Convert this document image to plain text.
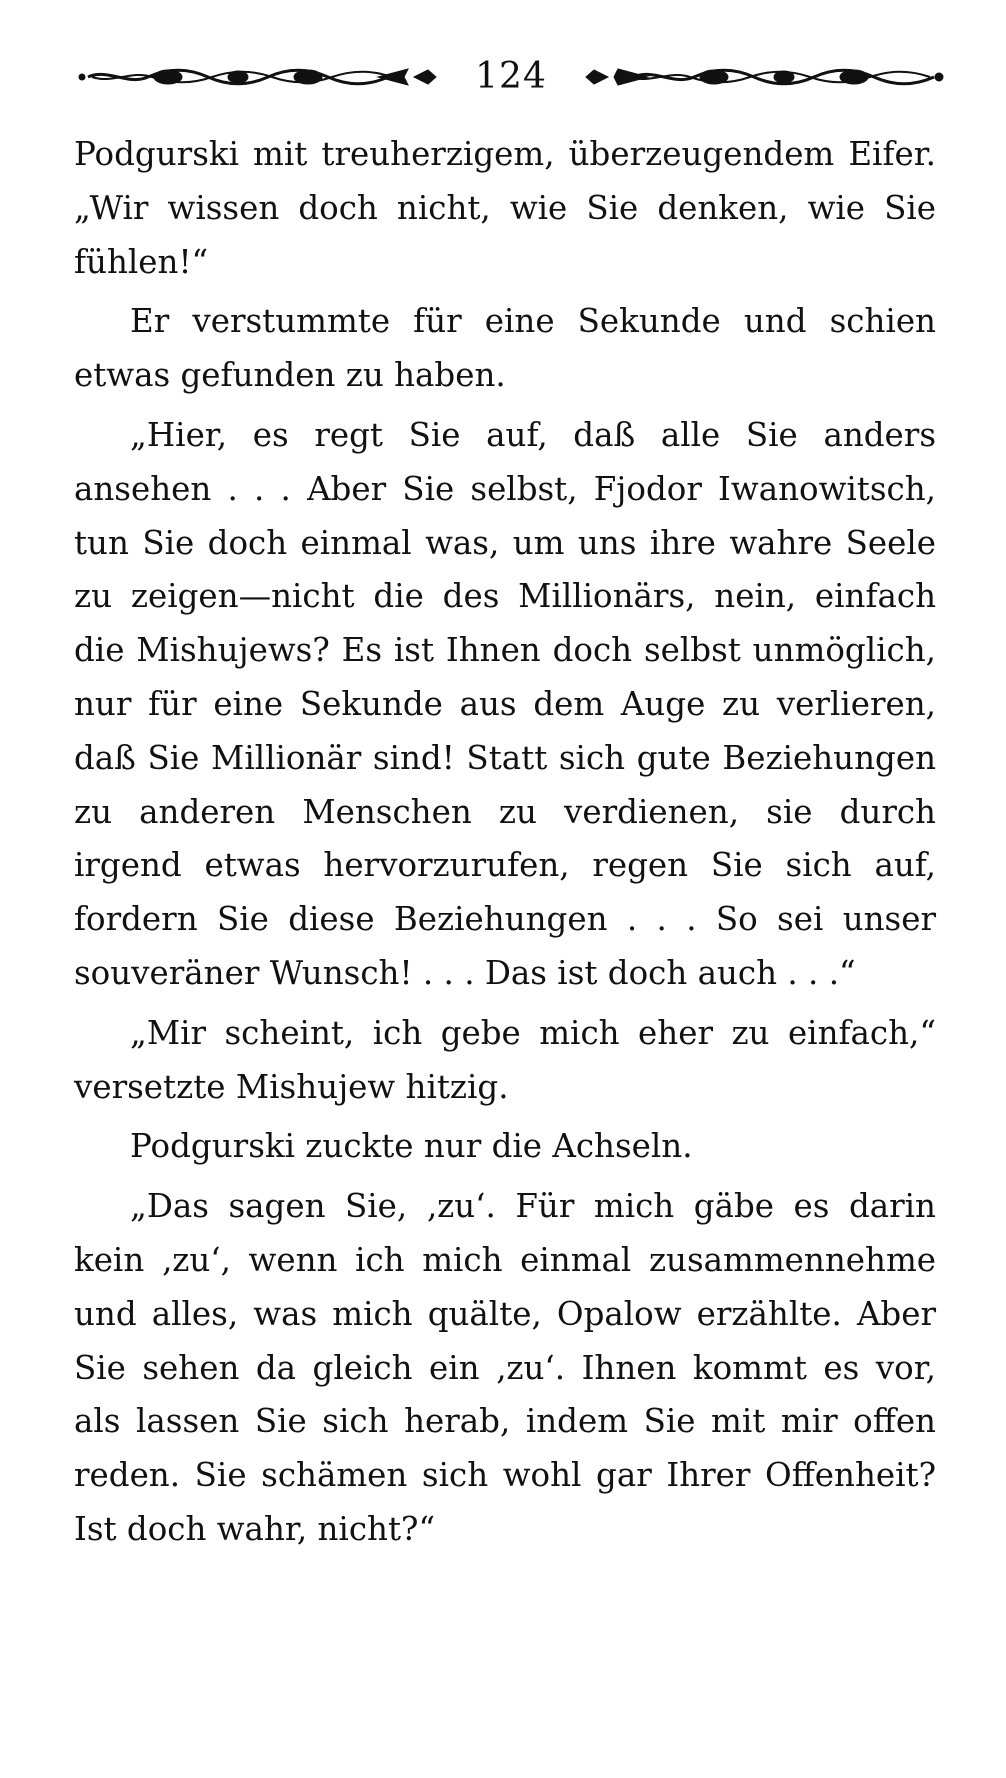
124

Podgurski mit treuherzigem, überzeugendem Eifer. „Wir wissen doch nicht, wie Sie denken, wie Sie fühlen!“

Er verstummte für eine Sekunde und schien etwas gefunden zu haben.

„Hier, es regt Sie auf, daß alle Sie anders ansehen . . . Aber Sie selbst, Fjodor Iwanowitsch, tun Sie doch einmal was, um uns ihre wahre Seele zu zeigen—nicht die des Millionärs, nein, einfach die Mishujews? Es ist Ihnen doch selbst unmöglich, nur für eine Sekunde aus dem Auge zu verlieren, daß Sie Millionär sind! Statt sich gute Beziehungen zu anderen Menschen zu verdienen, sie durch irgend etwas hervorzurufen, regen Sie sich auf, fordern Sie diese Beziehungen . . . So sei unser souveräner Wunsch! . . . Das ist doch auch . . .“

„Mir scheint, ich gebe mich eher zu einfach,“ versetzte Mishujew hitzig.

Podgurski zuckte nur die Achseln.

„Das sagen Sie, ‚zu‘. Für mich gäbe es darin kein ‚zu‘, wenn ich mich einmal zusammennehme und alles, was mich quälte, Opalow erzählte. Aber Sie sehen da gleich ein ‚zu‘. Ihnen kommt es vor, als lassen Sie sich herab, indem Sie mit mir offen reden. Sie schämen sich wohl gar Ihrer Offenheit? Ist doch wahr, nicht?“
